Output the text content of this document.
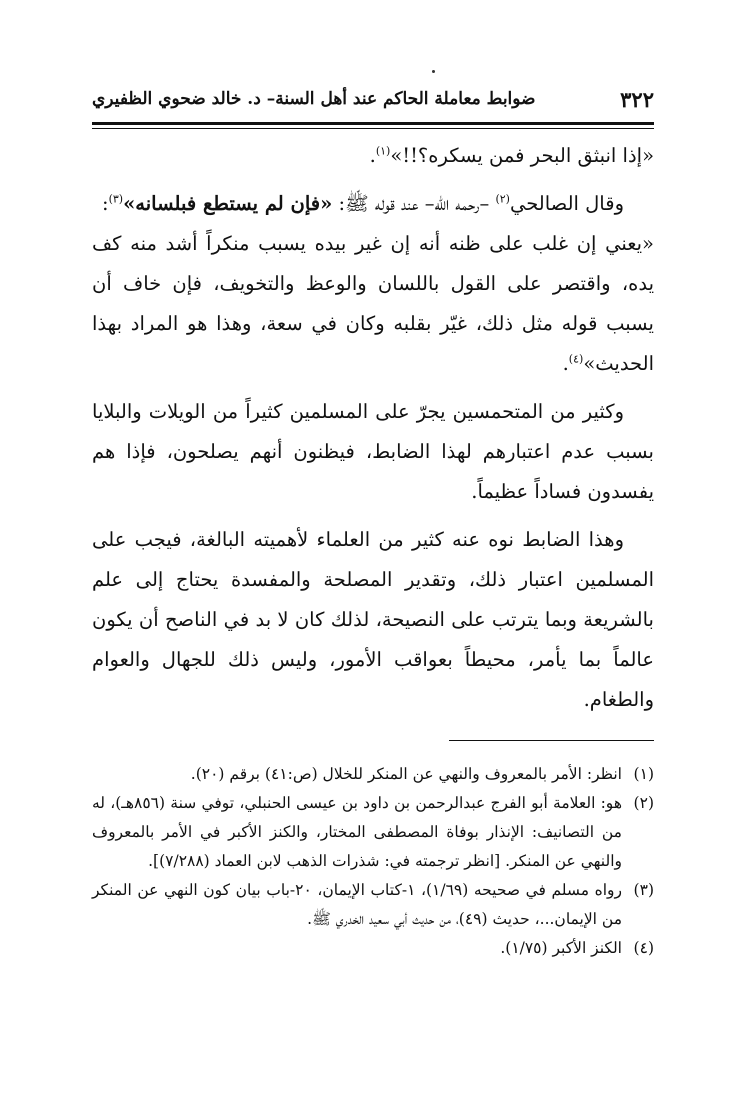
٣٢٢
ضوابط معاملة الحاكم عند أهل السنة– د. خالد ضحوي الظفيري

«إذا انبثق البحر فمن يسكره؟!!»$^{(١)}$.

وقال الصالحي$^{(٢)}$ –رحمه الله– عند قوله ﷺ: «فإن لم يستطع فبلسانه»$^{(٣)}$:

«يعني إن غلب على ظنه أنه إن غير بيده يسبب منكراً أشد منه كف يده، واقتصر على القول باللسان والوعظ والتخويف، فإن خاف أن يسبب قوله مثل ذلك، غيّر بقلبه وكان في سعة، وهذا هو المراد بهذا الحديث»$^{(٤)}$.

وكثير من المتحمسين يجرّ على المسلمين كثيراً من الويلات والبلايا بسبب عدم اعتبارهم لهذا الضابط، فيظنون أنهم يصلحون، فإذا هم يفسدون فساداً عظيماً.

وهذا الضابط نوه عنه كثير من العلماء لأهميته البالغة، فيجب على المسلمين اعتبار ذلك، وتقدير المصلحة والمفسدة يحتاج إلى علم بالشريعة وبما يترتب على النصيحة، لذلك كان لا بد في الناصح أن يكون عالماً بما يأمر، محيطاً بعواقب الأمور، وليس ذلك للجهال والعوام والطغام.

(١)
انظر: الأمر بالمعروف والنهي عن المنكر للخلال (ص:٤١) برقم (٢٠).
(٢)
هو: العلامة أبو الفرج عبدالرحمن بن داود بن عيسى الحنبلي، توفي سنة (٨٥٦هـ)، له من التصانيف: الإنذار بوفاة المصطفى المختار، والكنز الأكبر في الأمر بالمعروف والنهي عن المنكر. [انظر ترجمته في: شذرات الذهب لابن العماد (٧/٢٨٨)].
(٣)
رواه مسلم في صحيحه (١/٦٩)، ١-كتاب الإيمان، ٢٠-باب بيان كون النهي عن المنكر من الإيمان...، حديث (٤٩)، من حديث أبي سعيد الخدري ﷺ.
(٤)
الكنز الأكبر (١/٧٥).
